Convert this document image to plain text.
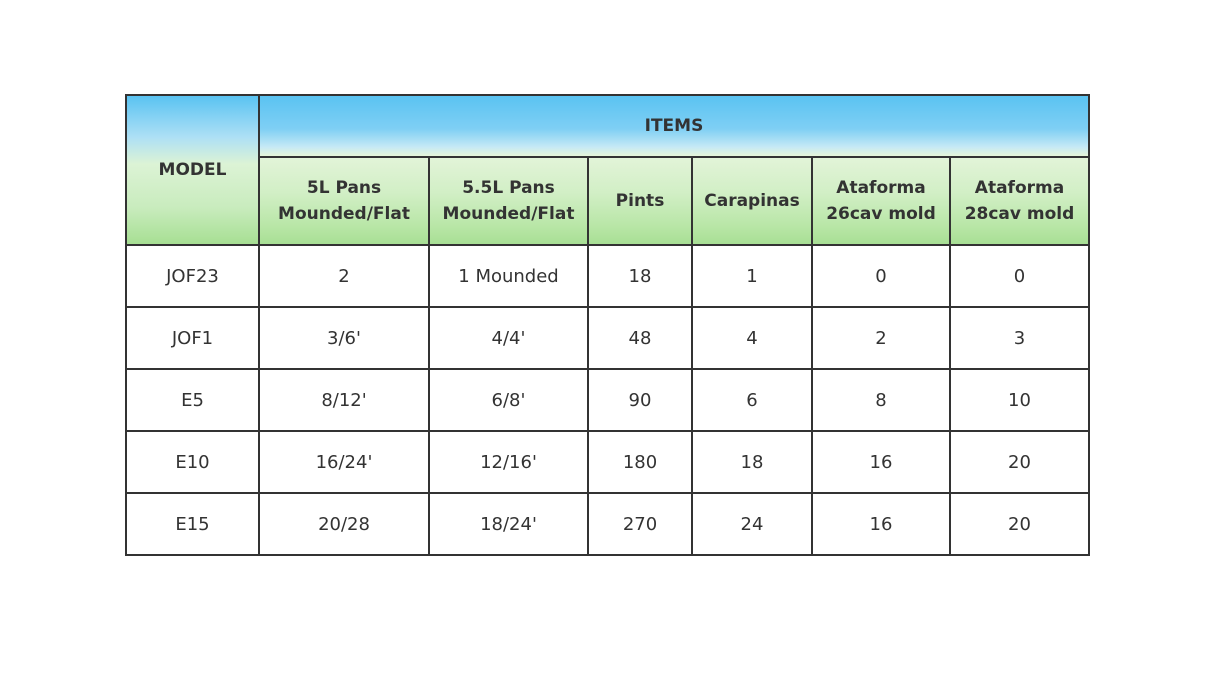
MODEL	ITEMS					
	5L Pans Mounded/Flat	5.5L Pans Mounded/Flat	Pints	Carapinas	Ataforma 26cav mold	Ataforma 28cav mold
JOF23	2	1 Mounded	18	1	0	0
JOF1	3/6'	4/4'	48	4	2	3
E5	8/12'	6/8'	90	6	8	10
E10	16/24'	12/16'	180	18	16	20
E15	20/28	18/24'	270	24	16	20
